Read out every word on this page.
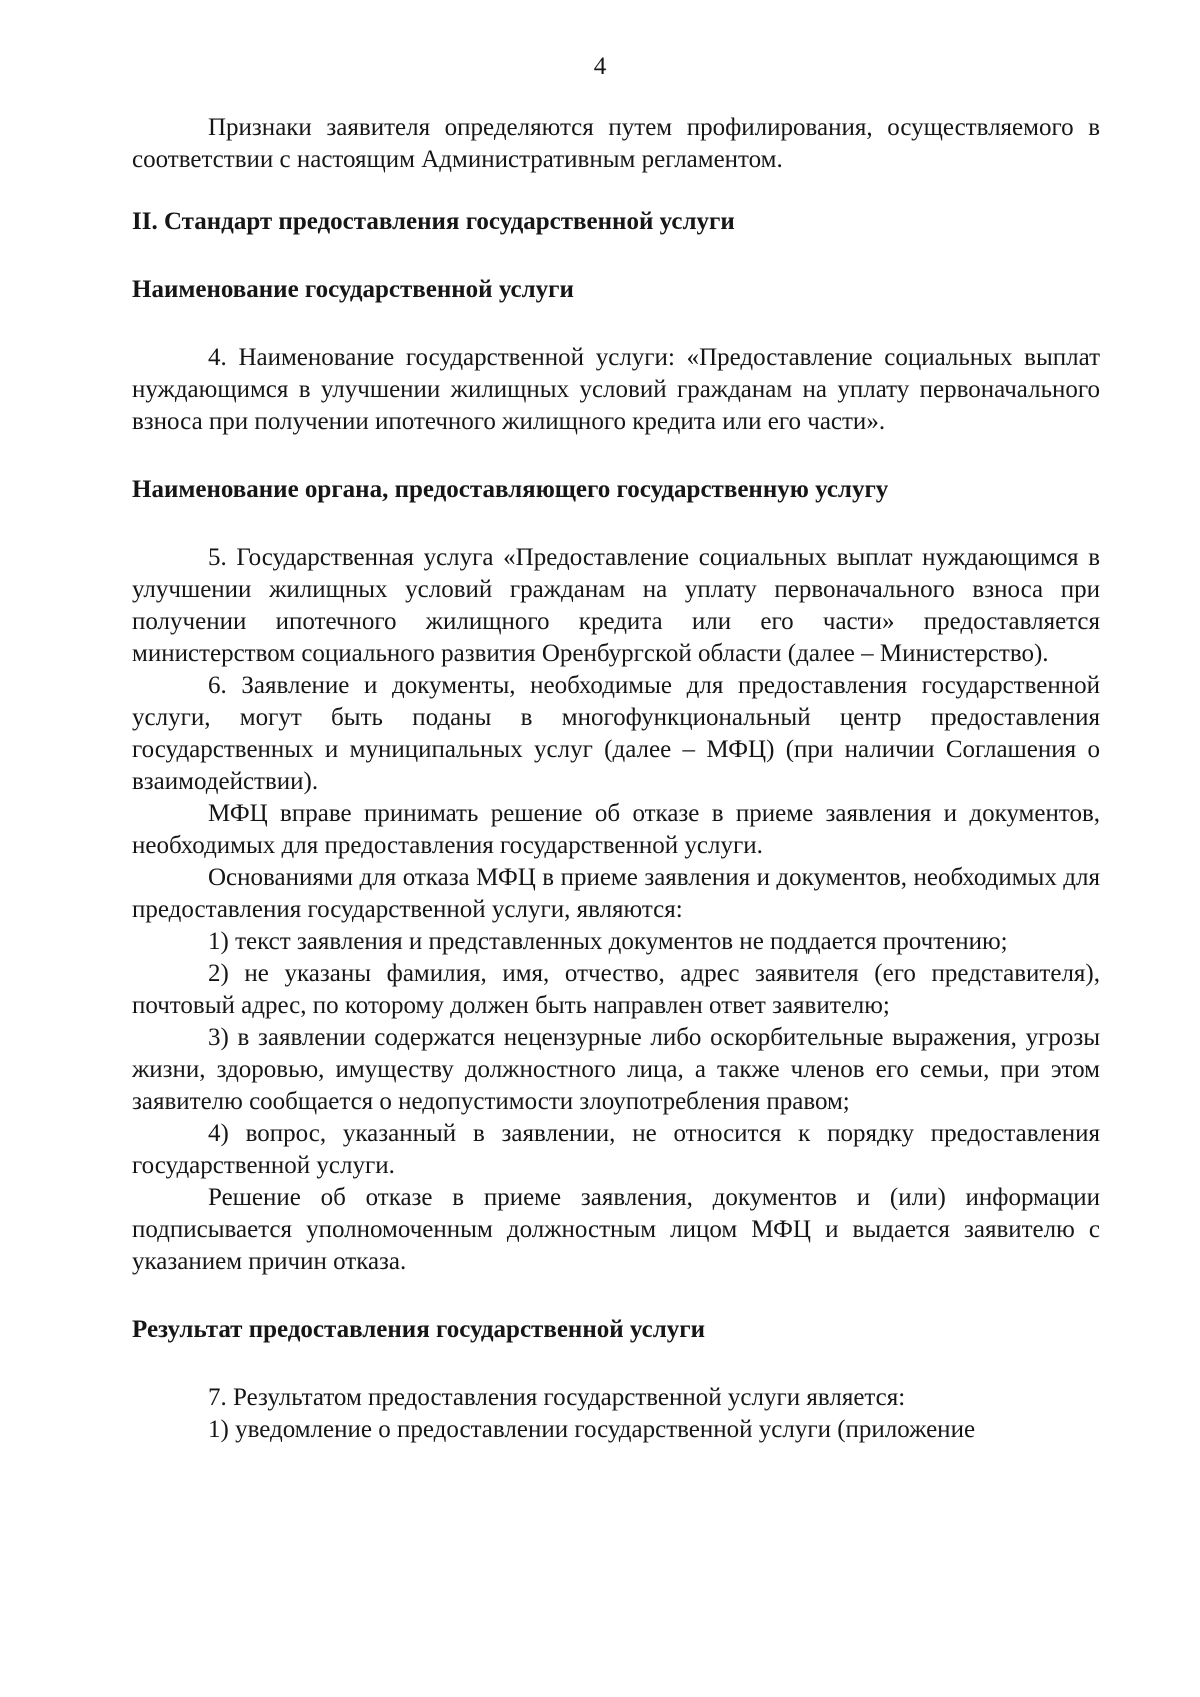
4

Признаки заявителя определяются путем профилирования, осуществляемого в соответствии с настоящим Административным регламентом.

II. Стандарт предоставления государственной услуги
Наименование государственной услуги

4. Наименование государственной услуги: «Предоставление социальных выплат нуждающимся в улучшении жилищных условий гражданам на уплату первоначального взноса при получении ипотечного жилищного кредита или его части».

Наименование органа, предоставляющего государственную услугу

5. Государственная услуга «Предоставление социальных выплат нуждающимся в улучшении жилищных условий гражданам на уплату первоначального взноса при получении ипотечного жилищного кредита или его части» предоставляется министерством социального развития Оренбургской области (далее – Министерство).

6. Заявление и документы, необходимые для предоставления государственной услуги, могут быть поданы в многофункциональный центр предоставления государственных и муниципальных услуг (далее – МФЦ) (при наличии Соглашения о взаимодействии).

МФЦ вправе принимать решение об отказе в приеме заявления и документов, необходимых для предоставления государственной услуги.

Основаниями для отказа МФЦ в приеме заявления и документов, необходимых для предоставления государственной услуги, являются:

1) текст заявления и представленных документов не поддается прочтению;

2) не указаны фамилия, имя, отчество, адрес заявителя (его представителя), почтовый адрес, по которому должен быть направлен ответ заявителю;

3) в заявлении содержатся нецензурные либо оскорбительные выражения, угрозы жизни, здоровью, имуществу должностного лица, а также членов его семьи, при этом заявителю сообщается о недопустимости злоупотребления правом;

4) вопрос, указанный в заявлении, не относится к порядку предоставления государственной услуги.

Решение об отказе в приеме заявления, документов и (или) информации подписывается уполномоченным должностным лицом МФЦ и выдается заявителю с указанием причин отказа.

Результат предоставления государственной услуги

7. Результатом предоставления государственной услуги является:

1) уведомление о предоставлении государственной услуги (приложение
